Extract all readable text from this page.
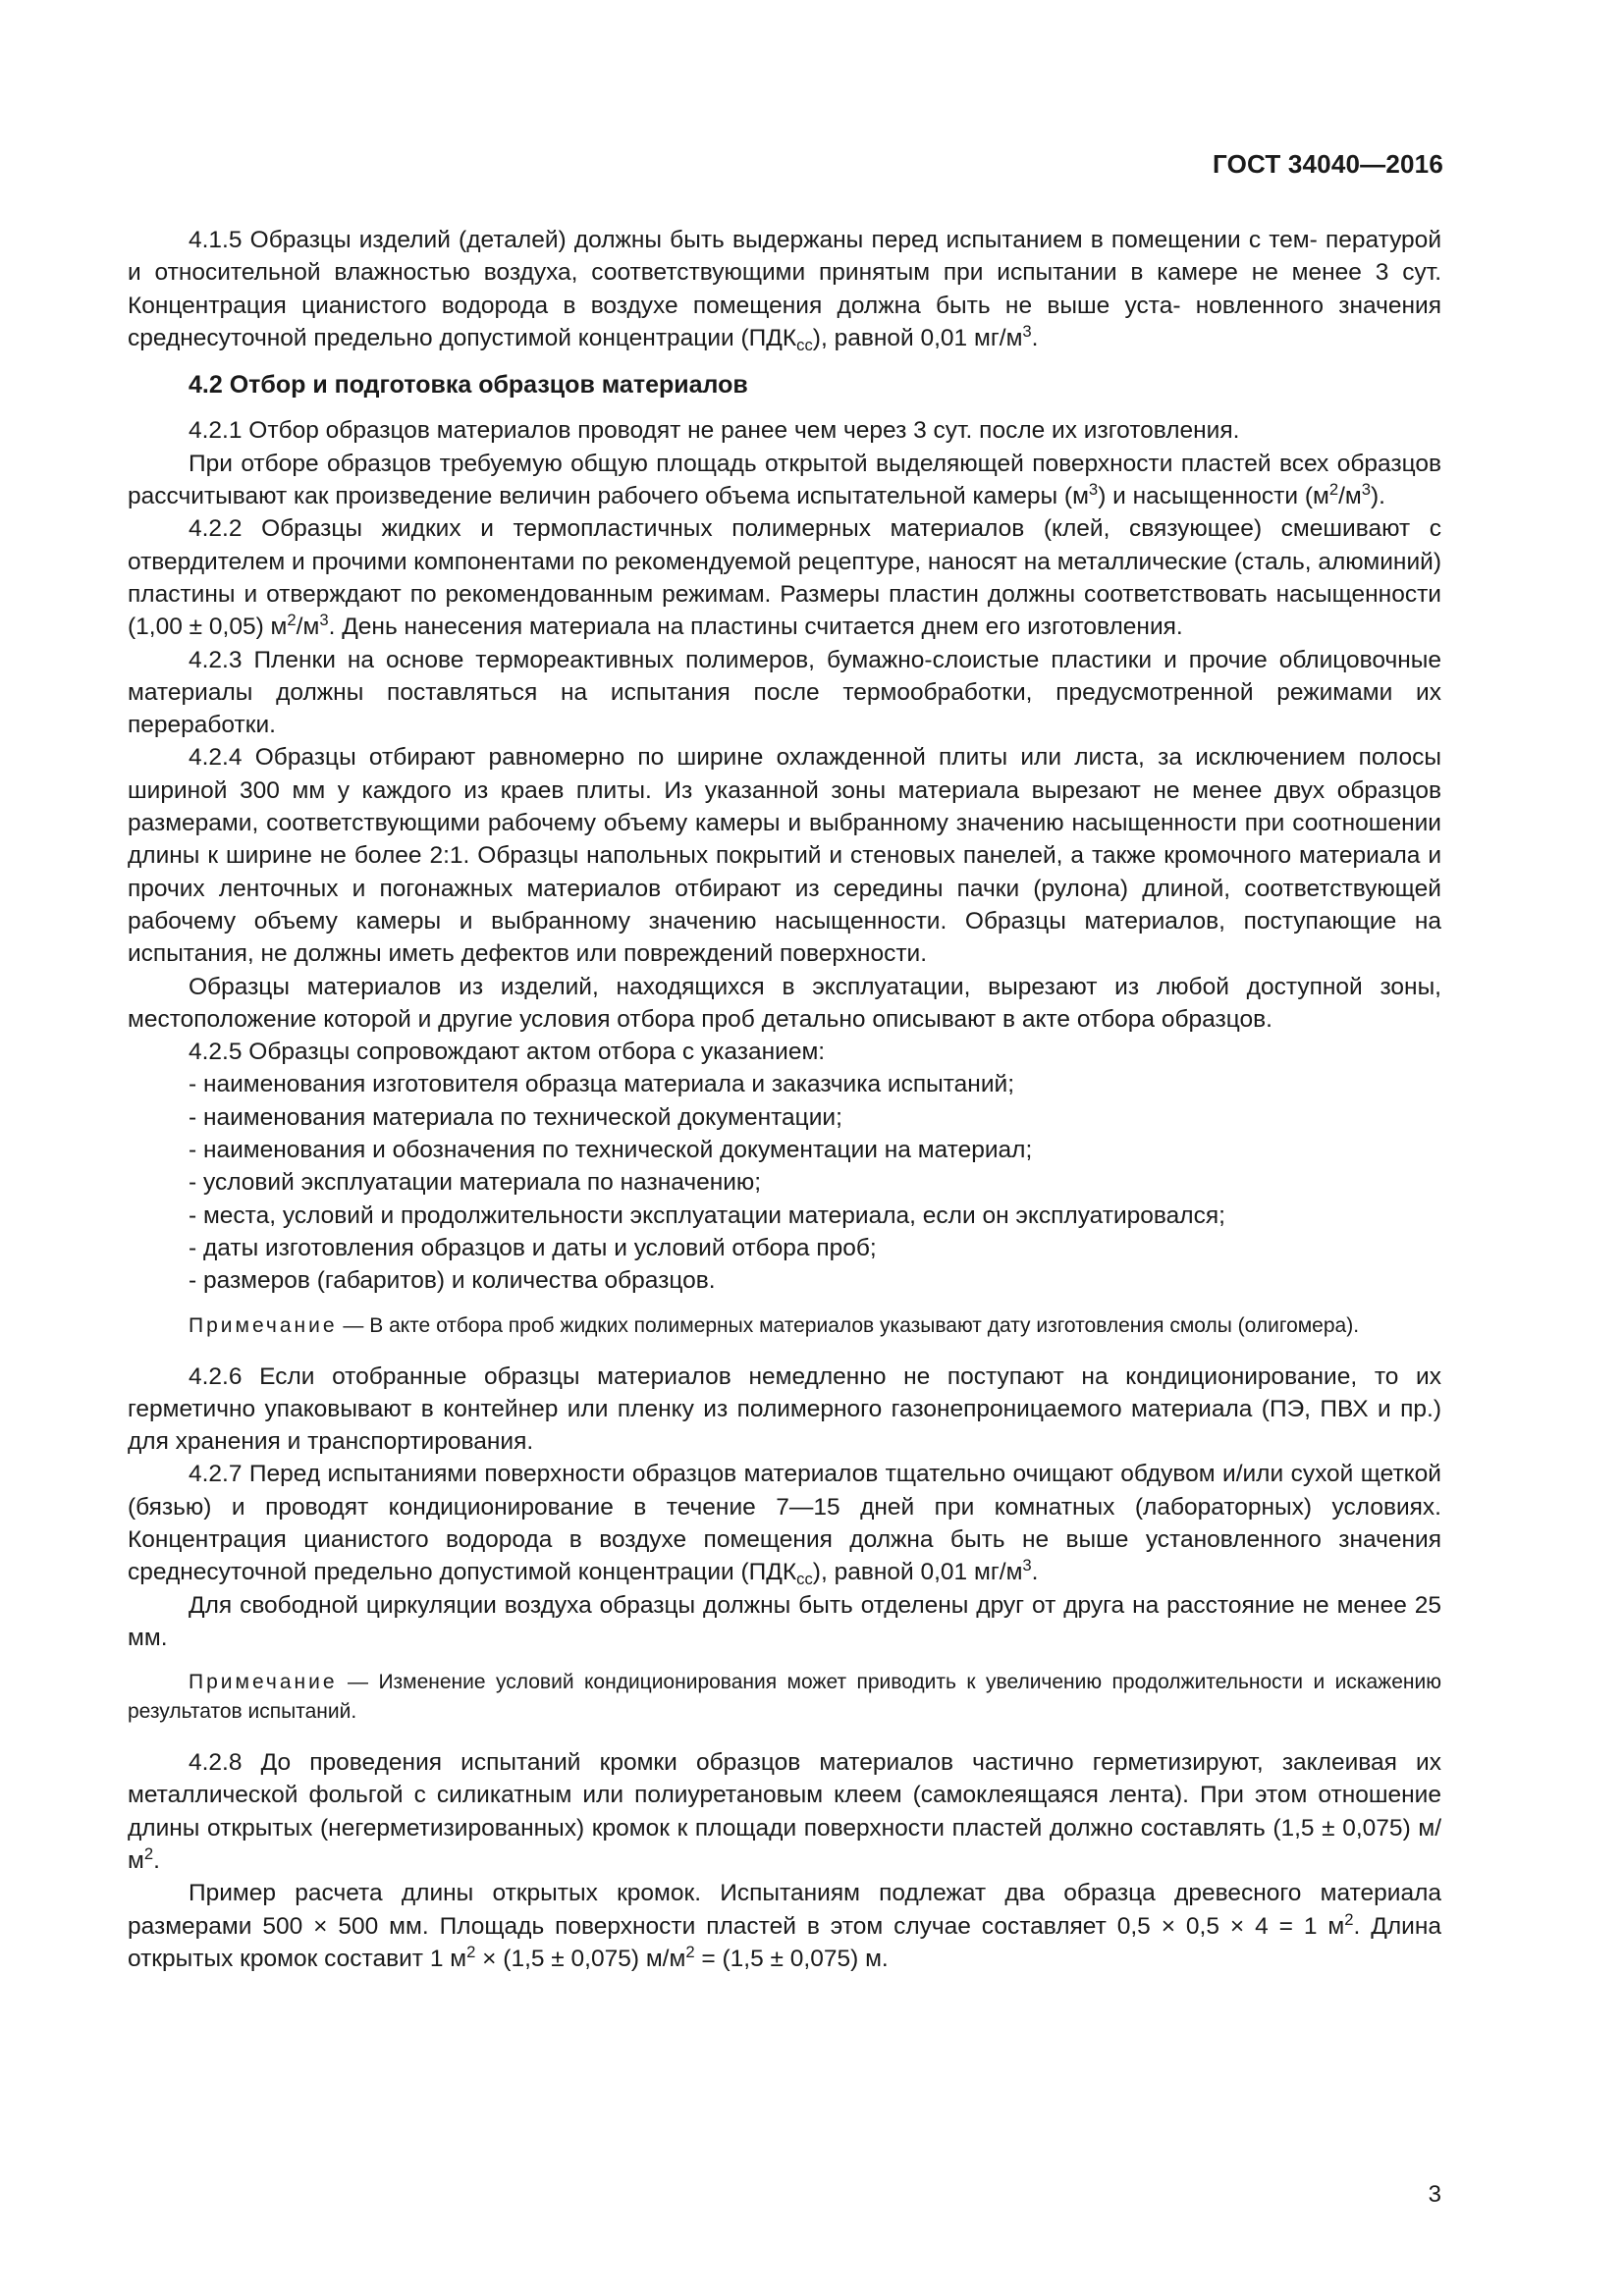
ГОСТ 34040—2016

4.1.5 Образцы изделий (деталей) должны быть выдержаны перед испытанием в помещении с тем- пературой и относительной влажностью воздуха, соответствующими принятым при испытании в камере не менее 3 сут. Концентрация цианистого водорода в воздухе помещения должна быть не выше уста- новленного значения среднесуточной предельно допустимой концентрации $(ПДК_{сс})$, равной 0,01 $мг/м^3$.

4.2 Отбор и подготовка образцов материалов

4.2.1 Отбор образцов материалов проводят не ранее чем через 3 сут. после их изготовления.

При отборе образцов требуемую общую площадь открытой выделяющей поверхности пластей всех образцов рассчитывают как произведение величин рабочего объема испытательной камеры $(м^3)$ и насыщенности $(м^2/м^3)$.

4.2.2 Образцы жидких и термопластичных полимерных материалов (клей, связующее) смешивают с отвердителем и прочими компонентами по рекомендуемой рецептуре, наносят на металлические (сталь, алюминий) пластины и отверждают по рекомендованным режимам. Размеры пластин должны соответствовать насыщенности (1,00 ± 0,05) $м^2/м^3$. День нанесения материала на пластины считается днем его изготовления.

4.2.3 Пленки на основе термореактивных полимеров, бумажно-слоистые пластики и прочие облицовочные материалы должны поставляться на испытания после термообработки, предусмотренной режимами их переработки.

4.2.4 Образцы отбирают равномерно по ширине охлажденной плиты или листа, за исключением полосы шириной 300 мм у каждого из краев плиты. Из указанной зоны материала вырезают не менее двух образцов размерами, соответствующими рабочему объему камеры и выбранному значению насыщенности при соотношении длины к ширине не более 2:1. Образцы напольных покрытий и стеновых панелей, а также кромочного материала и прочих ленточных и погонажных материалов отбирают из середины пачки (рулона) длиной, соответствующей рабочему объему камеры и выбранному значению насыщенности. Образцы материалов, поступающие на испытания, не должны иметь дефектов или повреждений поверхности.

Образцы материалов из изделий, находящихся в эксплуатации, вырезают из любой доступной зоны, местоположение которой и другие условия отбора проб детально описывают в акте отбора образцов.

4.2.5 Образцы сопровождают актом отбора с указанием:

- наименования изготовителя образца материала и заказчика испытаний;

- наименования материала по технической документации;

- наименования и обозначения по технической документации на материал;

- условий эксплуатации материала по назначению;

- места, условий и продолжительности эксплуатации материала, если он эксплуатировался;

- даты изготовления образцов и даты и условий отбора проб;

- размеров (габаритов) и количества образцов.

Примечание — В акте отбора проб жидких полимерных материалов указывают дату изготовления смолы (олигомера).

4.2.6 Если отобранные образцы материалов немедленно не поступают на кондиционирование, то их герметично упаковывают в контейнер или пленку из полимерного газонепроницаемого материала (ПЭ, ПВХ и пр.) для хранения и транспортирования.

4.2.7 Перед испытаниями поверхности образцов материалов тщательно очищают обдувом и/или сухой щеткой (бязью) и проводят кондиционирование в течение 7—15 дней при комнатных (лабораторных) условиях. Концентрация цианистого водорода в воздухе помещения должна быть не выше установленного значения среднесуточной предельно допустимой концентрации $(ПДК_{сс})$, равной 0,01 $мг/м^3$.

Для свободной циркуляции воздуха образцы должны быть отделены друг от друга на расстояние не менее 25 мм.

Примечание — Изменение условий кондиционирования может приводить к увеличению продолжительности и искажению результатов испытаний.

4.2.8 До проведения испытаний кромки образцов материалов частично герметизируют, заклеивая их металлической фольгой с силикатным или полиуретановым клеем (самоклеящаяся лента). При этом отношение длины открытых (негерметизированных) кромок к площади поверхности пластей должно составлять (1,5 ± 0,075) $м/м^2$.

Пример расчета длины открытых кромок. Испытаниям подлежат два образца древесного материала размерами 500 × 500 мм. Площадь поверхности пластей в этом случае составляет 0,5 × 0,5 × 4 = 1 $м^2$. Длина открытых кромок составит 1 $м^2 \times (1,5 \pm 0,075) м/м^2 = (1,5 \pm 0,075)$ м.

3
